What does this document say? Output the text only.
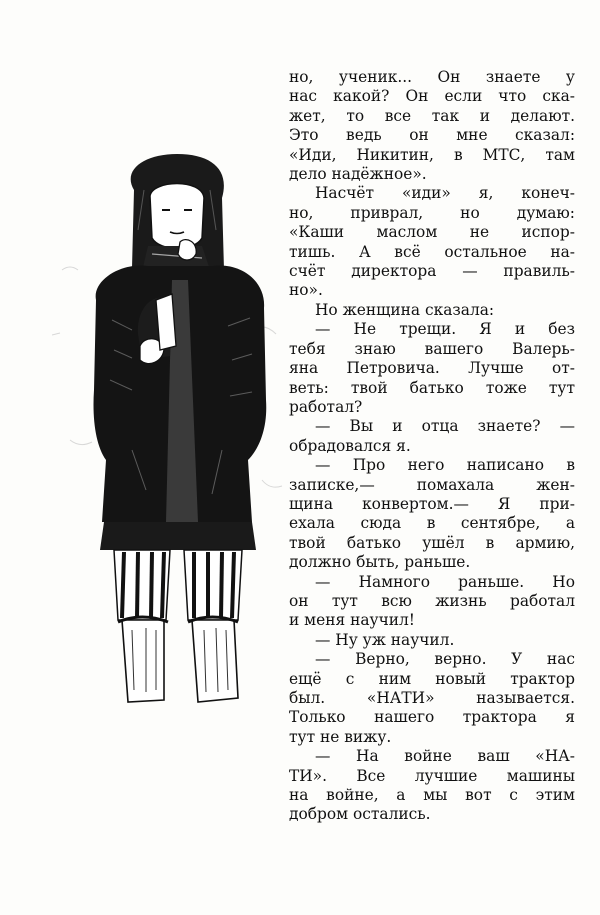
но, ученик... Он знаете у
нас какой? Он если что ска-
жет, то все так и делают.
Это ведь он мне сказал:
«Иди, Никитин, в МТС, там
дело надёжное».
Насчёт «иди» я, конеч-
но, приврал, но думаю:
«Каши маслом не испор-
тишь. А всё остальное на-
счёт директора — правиль-
но».
Но женщина сказала:
— Не трещи. Я и без
тебя знаю вашего Валерь-
яна Петровича. Лучше от-
веть: твой батько тоже тут
работал?
— Вы и отца знаете? —
обрадовался я.
— Про него написано в
записке,— помахала жен-
щина конвертом.— Я при-
ехала сюда в сентябре, а
твой батько ушёл в армию,
должно быть, раньше.
— Намного раньше. Но
он тут всю жизнь работал
и меня научил!
— Ну уж научил.
— Верно, верно. У нас
ещё с ним новый трактор
был. «НАТИ» называется.
Только нашего трактора я
тут не вижу.
— На войне ваш «НА-
ТИ». Все лучшие машины
на войне, а мы вот с этим
добром остались.
